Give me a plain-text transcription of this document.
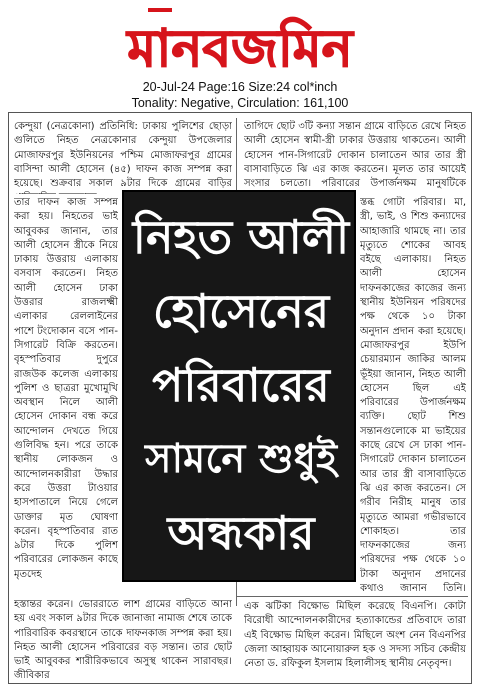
মানবজমিন
20-Jul-24 Page:16 Size:24 col*inch
Tonality: Negative, Circulation: 161,100
কেন্দুয়া (নেত্রকোনা) প্রতিনিধি: ঢাকায় পুলিশের ছোড়া গুলিতে নিহত নেত্রকোনার কেন্দুয়া উপজেলার মোজাফরপুর ইউনিয়নের পশ্চিম মোজাফরপুর গ্রামের বাসিন্দা আলী হোসেন (৪৫) দাফন কাজ সম্পন্ন করা হয়েছে। শুক্রবার সকাল ৯টার দিকে গ্রামের বাড়ির
তার দাফন কাজ সম্পন্ন করা হয়। নিহতের ভাই আবুবকর জানান, তার আলী হোসেন স্ত্রীকে নিয়ে ঢাকায় উত্তরায় এলাকায় বসবাস করতেন। নিহত আলী হোসেন ঢাকা উত্তরার রাজলক্ষ্মী এলাকার রেললাইনের পাশে টংদোকান বসে পান-সিগারেট বিক্রি করতেন। বৃহস্পতিবার দুপুরে রাজউক কলেজ এলাকায় পুলিশ ও ছাত্ররা মুখোমুখি অবস্থান নিলে আলী হোসেন দোকান বন্ধ করে আন্দোলন দেখতে গিয়ে গুলিবিদ্ধ হন। পরে তাকে স্থানীয় লোকজন ও আন্দোলনকারীরা উদ্ধার করে উত্তরা টাওয়ার হাসপাতালে নিয়ে গেলে ডাক্তার মৃত ঘোষণা করেন। বৃহস্পতিবার রাত ৯টার দিকে পুলিশ পরিবারের লোকজন কাছে মৃতদেহ
হস্তান্তর করেন। ভোররাতে লাশ গ্রামের বাড়িতে আনা হয় এবং সকাল ৯টার দিকে জানাজা নামাজ শেষে তাকে পারিবারিক কবরস্থানে তাকে দাফনকাজ সম্পন্ন করা হয়। নিহত আলী হোসেন পরিবারের বড় সন্তান। তার ছোট ভাই আবুবকর শারীরিকভাবে অসুস্থ থাকেন সারাবছর। জীবিকার
তাগিদে ছোট ৩টি কন্যা সন্তান গ্রামে বাড়িতে রেখে নিহত আলী হোসেন স্বামী-স্ত্রী ঢাকার উত্তরায় থাকতেন। আলী হোসেন পান-সিগারেট দোকান চালাতেন আর তার স্ত্রী বাসাবাড়িতে ঝি এর কাজ করতেন। মূলত তার আয়েই সংসার চলতো। পরিবারের উপার্জনক্ষম মানুষটিকে
স্তব্ধ গোটা পরিবার। মা, স্ত্রী, ভাই, ও শিশু কন্যাদের আহাজারি থামছে না। তার মৃত্যুতে শোকের আবহ বইছে এলাকায়। নিহত আলী হোসেন দাফনকাজের কাজের জন্য স্থানীয় ইউনিয়ন পরিষদের পক্ষ থেকে ১০ টাকা অনুদান প্রদান করা হয়েছে। মোজাফরপুর ইউপি চেয়ারম্যান জাকির আলম ভূঁইয়া জানান, নিহত আলী হোসেন ছিল এই পরিবারের উপার্জনক্ষম ব্যক্তি। ছোট শিশু সন্তানগুলোকে মা ভাইয়ের কাছে রেখে সে ঢাকা পান-সিগারেট দোকান চালাতেন আর তার স্ত্রী বাসাবাড়িতে ঝি এর কাজ করতেন। সে গরীব নিরীহ মানুষ তার মৃত্যুতে আমরা গভীরভাবে শোকাহত। তার দাফনকাজের জন্য পরিষদের পক্ষ থেকে ১০ টাকা অনুদান প্রদানের কথাও জানান তিনি।
এক ঝটিকা বিক্ষোভ মিছিল করেছে বিএনপি। কোটা বিরোধী আন্দোলনকারীদের হত্যাকান্ডের প্রতিবাদে তারা এই বিক্ষোভ মিছিল করেন। মিছিলে অংশ নেন বিএনপির জেলা আহ্বায়ক আনোয়ারুল হক ও সদস্য সচিব কেন্দ্রীয় নেতা ড. রফিকুল ইসলাম হিলালীসহ স্থানীয় নেতৃবৃন্দ।
নিহত আলী
হোসেনের
পরিবারের
সামনে শুধুই
অন্ধকার
